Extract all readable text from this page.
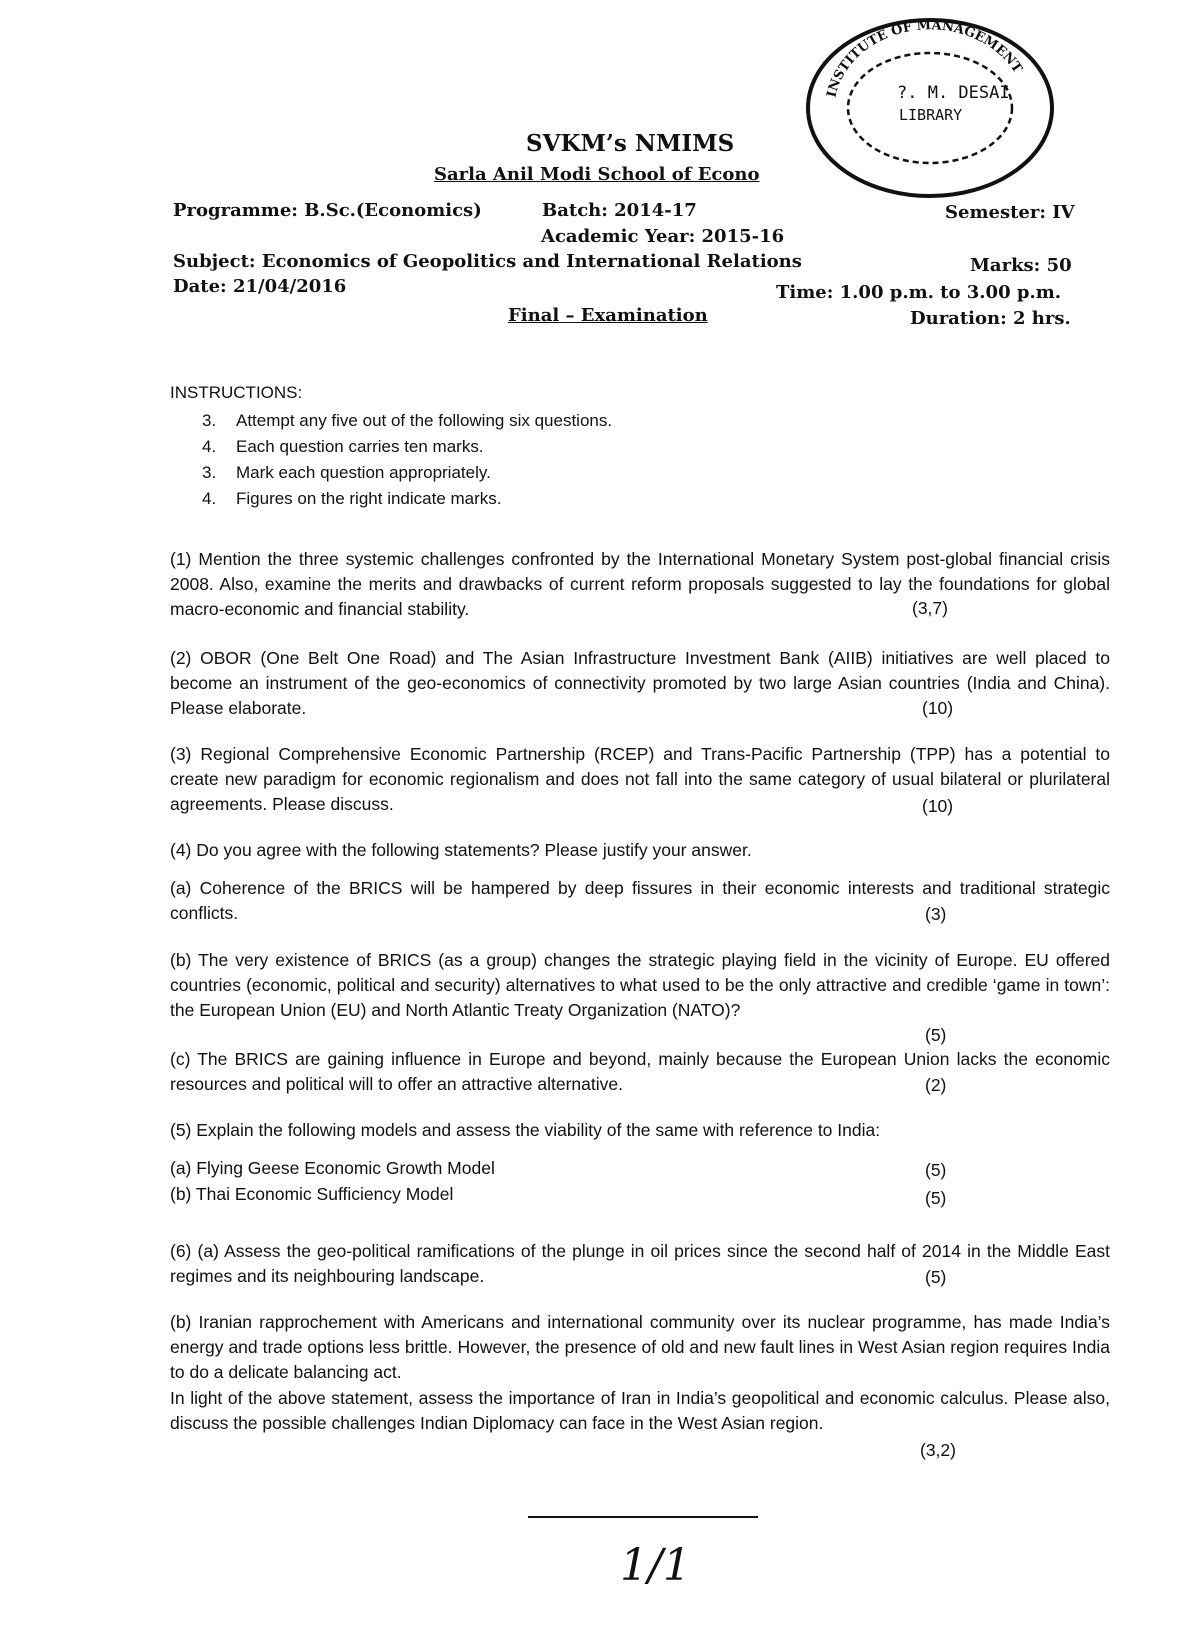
SVKM’s NMIMS
Sarla Anil Modi School of Econo
Programme: B.Sc.(Economics)	Batch: 2014-17	Semester: IV
Academic Year: 2015-16
Subject: Economics of Geopolitics and International Relations	Marks: 50
Date: 21/04/2016	Time: 1.00 p.m. to 3.00 p.m.
Final – Examination	Duration: 2 hrs.
INSTITUTE OF MANAGEMENT
?. M. DESAI
LIBRARY
INSTRUCTIONS:
3.	Attempt any five out of the following six questions.
4.	Each question carries ten marks.
3.	Mark each question appropriately.
4.	Figures on the right indicate marks.
(1) Mention the three systemic challenges confronted by the International Monetary System post-global financial crisis 2008. Also, examine the merits and drawbacks of current reform proposals suggested to lay the foundations for global macro-economic and financial stability.	(3,7)
(2) OBOR (One Belt One Road) and The Asian Infrastructure Investment Bank (AIIB) initiatives are well placed to become an instrument of the geo-economics of connectivity promoted by two large Asian countries (India and China). Please elaborate.	(10)
(3) Regional Comprehensive Economic Partnership (RCEP) and Trans-Pacific Partnership (TPP) has a potential to create new paradigm for economic regionalism and does not fall into the same category of usual bilateral or plurilateral agreements. Please discuss.	(10)
(4) Do you agree with the following statements? Please justify your answer.
(a) Coherence of the BRICS will be hampered by deep fissures in their economic interests and traditional strategic conflicts.	(3)
(b) The very existence of BRICS (as a group) changes the strategic playing field in the vicinity of Europe. EU offered countries (economic, political and security) alternatives to what used to be the only attractive and credible ‘game in town’: the European Union (EU) and North Atlantic Treaty Organization (NATO)?
(5)
(c) The BRICS are gaining influence in Europe and beyond, mainly because the European Union lacks the economic resources and political will to offer an attractive alternative.	(2)
(5) Explain the following models and assess the viability of the same with reference to India:
(a) Flying Geese Economic Growth Model	(5)
(b) Thai Economic Sufficiency Model	(5)
(6) (a) Assess the geo-political ramifications of the plunge in oil prices since the second half of 2014 in the Middle East regimes and its neighbouring landscape.	(5)
(b) Iranian rapprochement with Americans and international community over its nuclear programme, has made India’s energy and trade options less brittle. However, the presence of old and new fault lines in West Asian region requires India to do a delicate balancing act.
In light of the above statement, assess the importance of Iran in India’s geopolitical and economic calculus. Please also, discuss the possible challenges Indian Diplomacy can face in the West Asian region.
(3,2)
1/1
